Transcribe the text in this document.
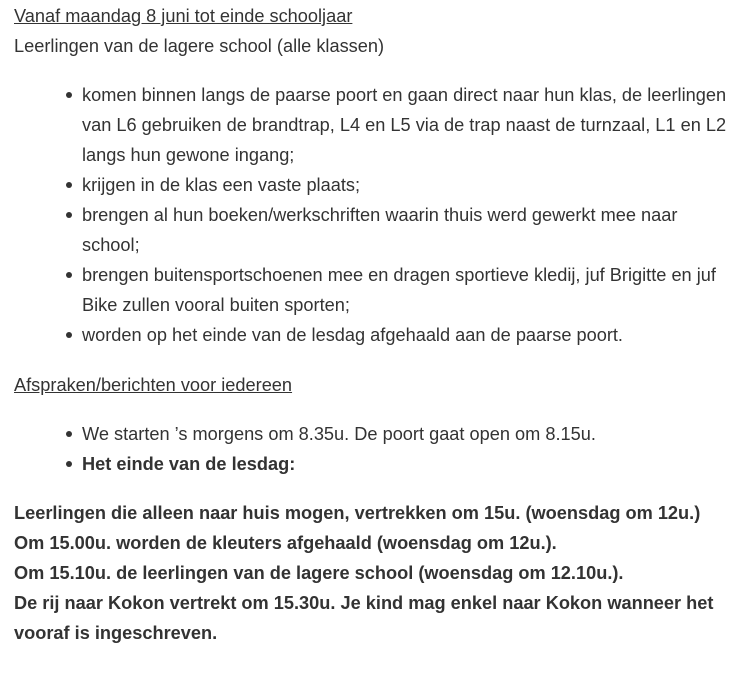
Vanaf maandag 8 juni tot einde schooljaar

Leerlingen van de lagere school (alle klassen)

komen binnen langs de paarse poort en gaan direct naar hun klas, de leerlingen van L6 gebruiken de brandtrap, L4 en L5 via de trap naast de turnzaal, L1 en L2 langs hun gewone ingang;
krijgen in de klas een vaste plaats;
brengen al hun boeken/werkschriften waarin thuis werd gewerkt mee naar school;
brengen buitensportschoenen mee en dragen sportieve kledij, juf Brigitte en juf Bike zullen vooral buiten sporten;
worden op het einde van de lesdag afgehaald aan de paarse poort.

Afspraken/berichten voor iedereen

We starten ’s morgens om 8.35u. De poort gaat open om 8.15u.
Het einde van de lesdag:

Leerlingen die alleen naar huis mogen, vertrekken om 15u. (woensdag om 12u.)

Om 15.00u. worden de kleuters afgehaald (woensdag om 12u.).

Om 15.10u. de leerlingen van de lagere school (woensdag om 12.10u.).

De rij naar Kokon vertrekt om 15.30u. Je kind mag enkel naar Kokon wanneer het vooraf is ingeschreven.
